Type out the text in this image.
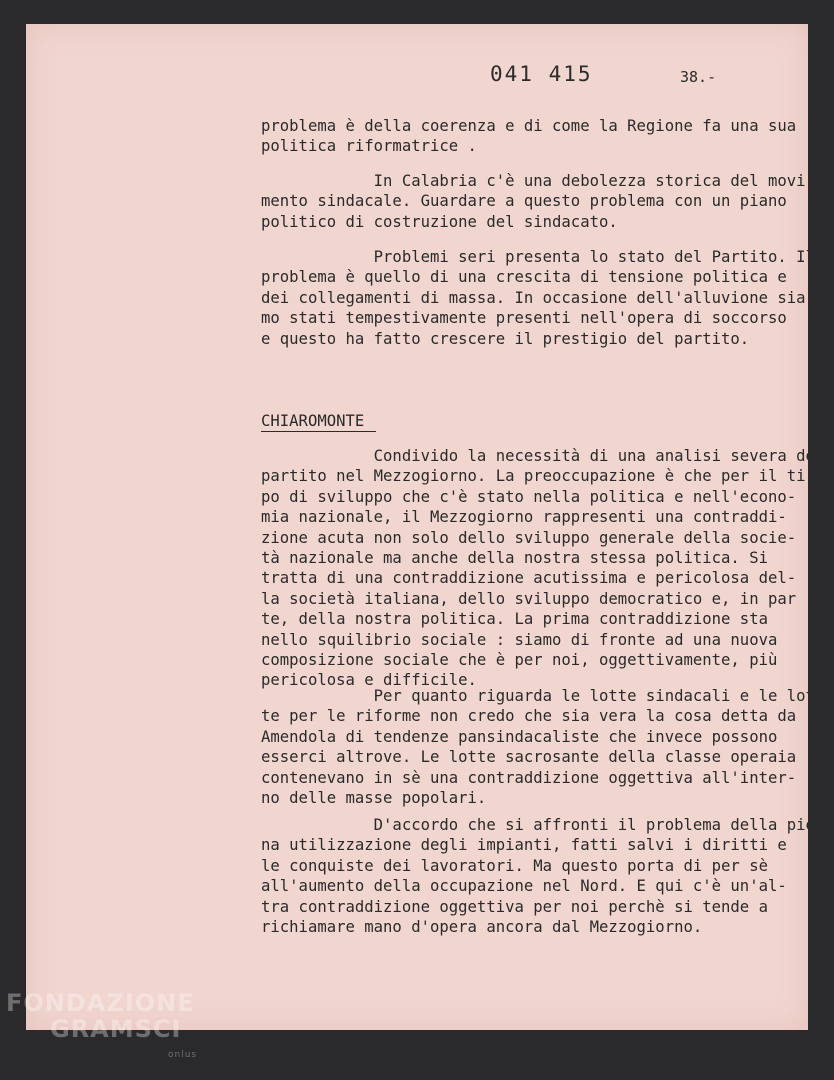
041 415	38.-
problema è della coerenza e di come la Regione fa una sua
politica riformatrice .
In Calabria c'è una debolezza storica del movi-
mento sindacale. Guardare a questo problema con un piano
politico di costruzione del sindacato.
Problemi seri presenta lo stato del Partito. Il
problema è quello di una crescita di tensione politica e
dei collegamenti di massa. In occasione dell'alluvione sia
mo stati tempestivamente presenti nell'opera di soccorso
e questo ha fatto crescere il prestigio del partito.
CHIAROMONTE
Condivido la necessità di una analisi severa del
partito nel Mezzogiorno. La preoccupazione è che per il ti
po di sviluppo che c'è stato nella politica e nell'econo-
mia nazionale, il Mezzogiorno rappresenti una contraddi-
zione acuta non solo dello sviluppo generale della socie-
tà nazionale ma anche della nostra stessa politica. Si
tratta di una contraddizione acutissima e pericolosa del-
la società italiana, dello sviluppo democratico e, in par
te, della nostra politica. La prima contraddizione sta
nello squilibrio sociale : siamo di fronte ad una nuova
composizione sociale che è per noi, oggettivamente, più
pericolosa e difficile.
Per quanto riguarda le lotte sindacali e le lot
te per le riforme non credo che sia vera la cosa detta da
Amendola di tendenze pansindacaliste che invece possono
esserci altrove. Le lotte sacrosante della classe operaia
contenevano in sè una contraddizione oggettiva all'inter-
no delle masse popolari.
D'accordo che si affronti il problema della pie
na utilizzazione degli impianti, fatti salvi i diritti e
le conquiste dei lavoratori. Ma questo porta di per sè
all'aumento della occupazione nel Nord. E qui c'è un'al-
tra contraddizione oggettiva per noi perchè si tende a
richiamare mano d'opera ancora dal Mezzogiorno.
FONDAZIONE
GRAMSCI
onlus
